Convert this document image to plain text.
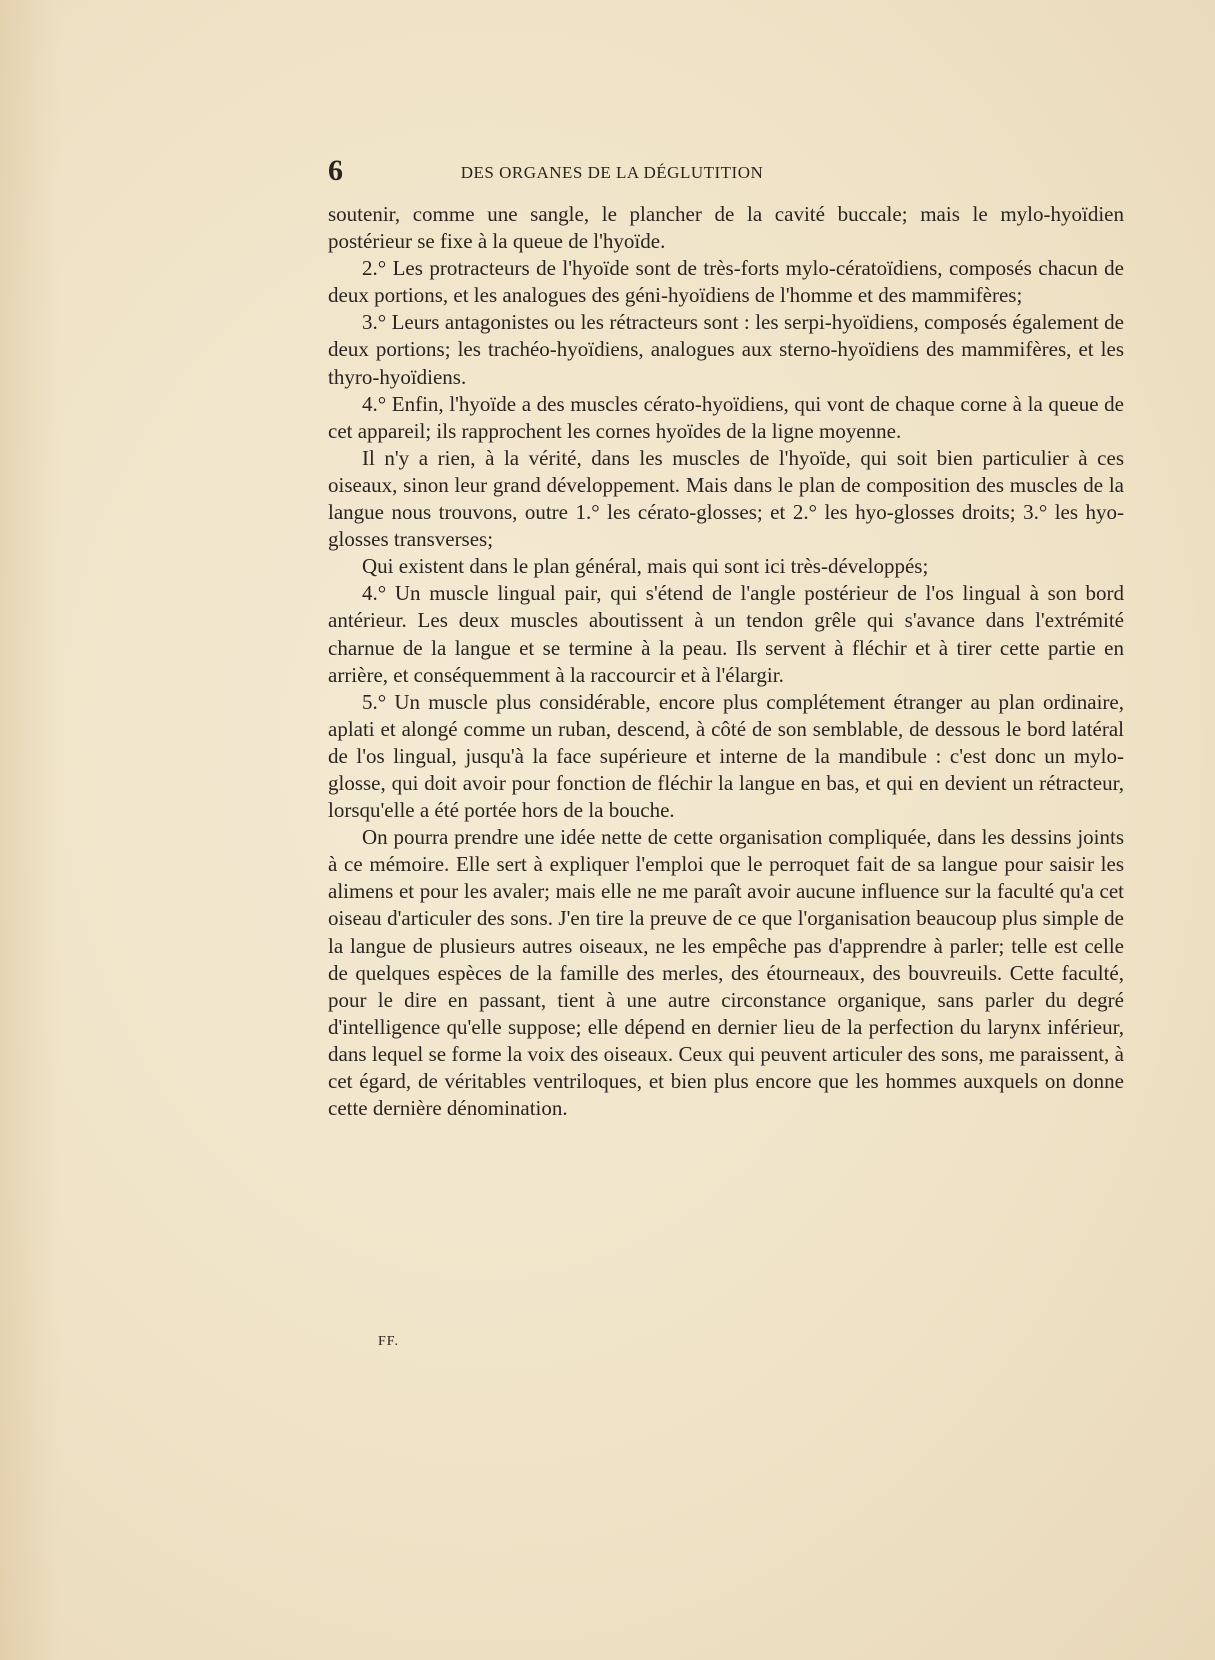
6	DES ORGANES DE LA DÉGLUTITION

soutenir, comme une sangle, le plancher de la cavité buccale; mais le mylo-hyoïdien postérieur se fixe à la queue de l'hyoïde.

2.° Les protracteurs de l'hyoïde sont de très-forts mylo-cératoïdiens, composés chacun de deux portions, et les analogues des géni-hyoïdiens de l'homme et des mammifères;

3.° Leurs antagonistes ou les rétracteurs sont : les serpi-hyoïdiens, composés également de deux portions; les trachéo-hyoïdiens, analogues aux sterno-hyoïdiens des mammifères, et les thyro-hyoïdiens.

4.° Enfin, l'hyoïde a des muscles cérato-hyoïdiens, qui vont de chaque corne à la queue de cet appareil; ils rapprochent les cornes hyoïdes de la ligne moyenne.

Il n'y a rien, à la vérité, dans les muscles de l'hyoïde, qui soit bien particulier à ces oiseaux, sinon leur grand développement. Mais dans le plan de composition des muscles de la langue nous trouvons, outre 1.° les cérato-glosses; et 2.° les hyo-glosses droits; 3.° les hyo-glosses transverses;

Qui existent dans le plan général, mais qui sont ici très-développés;

4.° Un muscle lingual pair, qui s'étend de l'angle postérieur de l'os lingual à son bord antérieur. Les deux muscles aboutissent à un tendon grêle qui s'avance dans l'extrémité charnue de la langue et se termine à la peau. Ils servent à fléchir et à tirer cette partie en arrière, et conséquemment à la raccourcir et à l'élargir.

5.° Un muscle plus considérable, encore plus complétement étranger au plan ordinaire, aplati et alongé comme un ruban, descend, à côté de son semblable, de dessous le bord latéral de l'os lingual, jusqu'à la face supérieure et interne de la mandibule : c'est donc un mylo-glosse, qui doit avoir pour fonction de fléchir la langue en bas, et qui en devient un rétracteur, lorsqu'elle a été portée hors de la bouche.

On pourra prendre une idée nette de cette organisation compliquée, dans les dessins joints à ce mémoire. Elle sert à expliquer l'emploi que le perroquet fait de sa langue pour saisir les alimens et pour les avaler; mais elle ne me paraît avoir aucune influence sur la faculté qu'a cet oiseau d'articuler des sons. J'en tire la preuve de ce que l'organisation beaucoup plus simple de la langue de plusieurs autres oiseaux, ne les empêche pas d'apprendre à parler; telle est celle de quelques espèces de la famille des merles, des étourneaux, des bouvreuils. Cette faculté, pour le dire en passant, tient à une autre circonstance organique, sans parler du degré d'intelligence qu'elle suppose; elle dépend en dernier lieu de la perfection du larynx inférieur, dans lequel se forme la voix des oiseaux. Ceux qui peuvent articuler des sons, me paraissent, à cet égard, de véritables ventriloques, et bien plus encore que les hommes auxquels on donne cette dernière dénomination.

FF.
